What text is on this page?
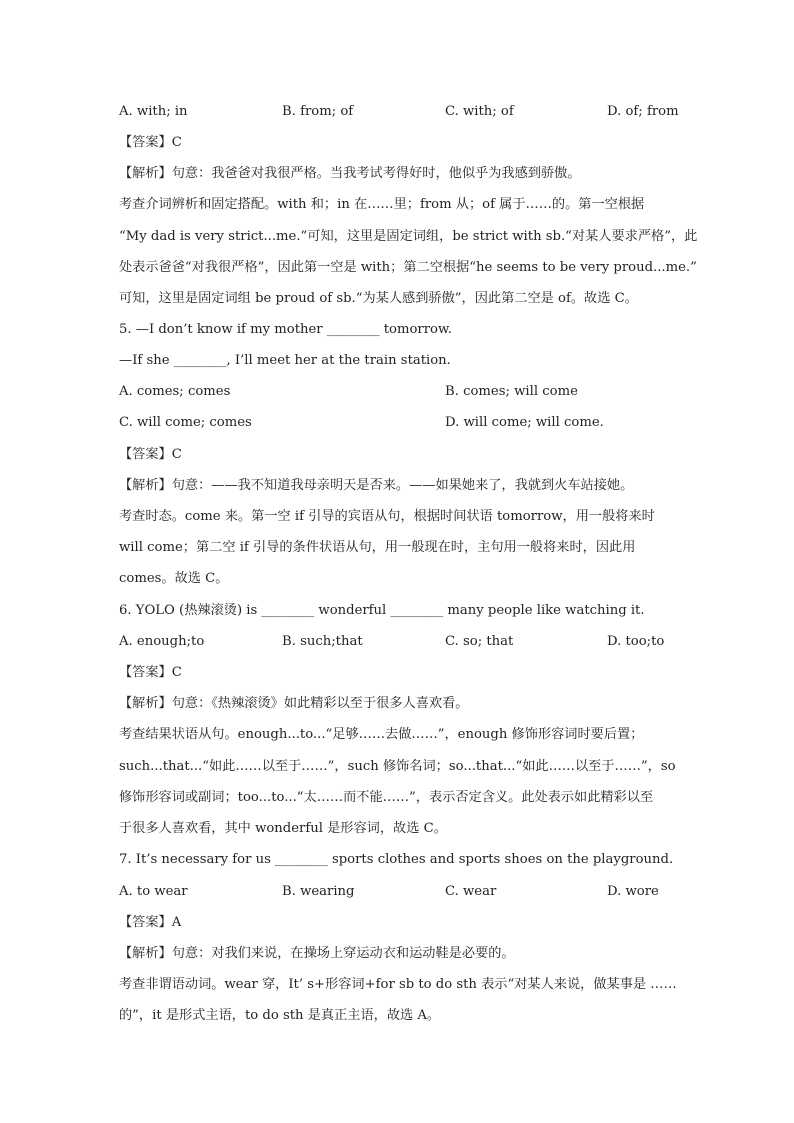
A. with; in	B. from; of	C. with; of	D. of; from
【答案】C
【解析】句意：我爸爸对我很严格。当我考试考得好时，他似乎为我感到骄傲。
考查介词辨析和固定搭配。with 和；in 在……里；from 从；of 属于……的。第一空根据
“My dad is very strict...me.”可知，这里是固定词组，be strict with sb.“对某人要求严格”，此
处表示爸爸“对我很严格”，因此第一空是 with；第二空根据“he seems to be very proud...me.”
可知，这里是固定词组 be proud of sb.“为某人感到骄傲”，因此第二空是 of。故选 C。
5. —I don’t know if my mother ________ tomorrow.
—If she ________, I’ll meet her at the train station.
A. comes; comes	B. comes; will come
C. will come; comes	D. will come; will come.
【答案】C
【解析】句意：——我不知道我母亲明天是否来。——如果她来了，我就到火车站接她。
考查时态。come 来。第一空 if 引导的宾语从句，根据时间状语 tomorrow，用一般将来时
will come；第二空 if 引导的条件状语从句，用一般现在时，主句用一般将来时，因此用
comes。故选 C。
6. YOLO (热辣滚烫) is ________ wonderful ________ many people like watching it.
A. enough;to	B. such;that	C. so; that	D. too;to
【答案】C
【解析】句意：《热辣滚烫》如此精彩以至于很多人喜欢看。
考查结果状语从句。enough...to...“足够……去做……”，enough 修饰形容词时要后置；
such...that...“如此……以至于……”，such 修饰名词；so...that...“如此……以至于……”，so
修饰形容词或副词；too...to...“太……而不能……”，表示否定含义。此处表示如此精彩以至
于很多人喜欢看，其中 wonderful 是形容词，故选 C。
7. It’s necessary for us ________ sports clothes and sports shoes on the playground.
A. to wear	B. wearing	C. wear	D. wore
【答案】A
【解析】句意：对我们来说，在操场上穿运动衣和运动鞋是必要的。
考查非谓语动词。wear 穿，It’ s+形容词+for sb to do sth 表示“对某人来说，做某事是 ……
的”，it 是形式主语，to do sth 是真正主语，故选 A。
